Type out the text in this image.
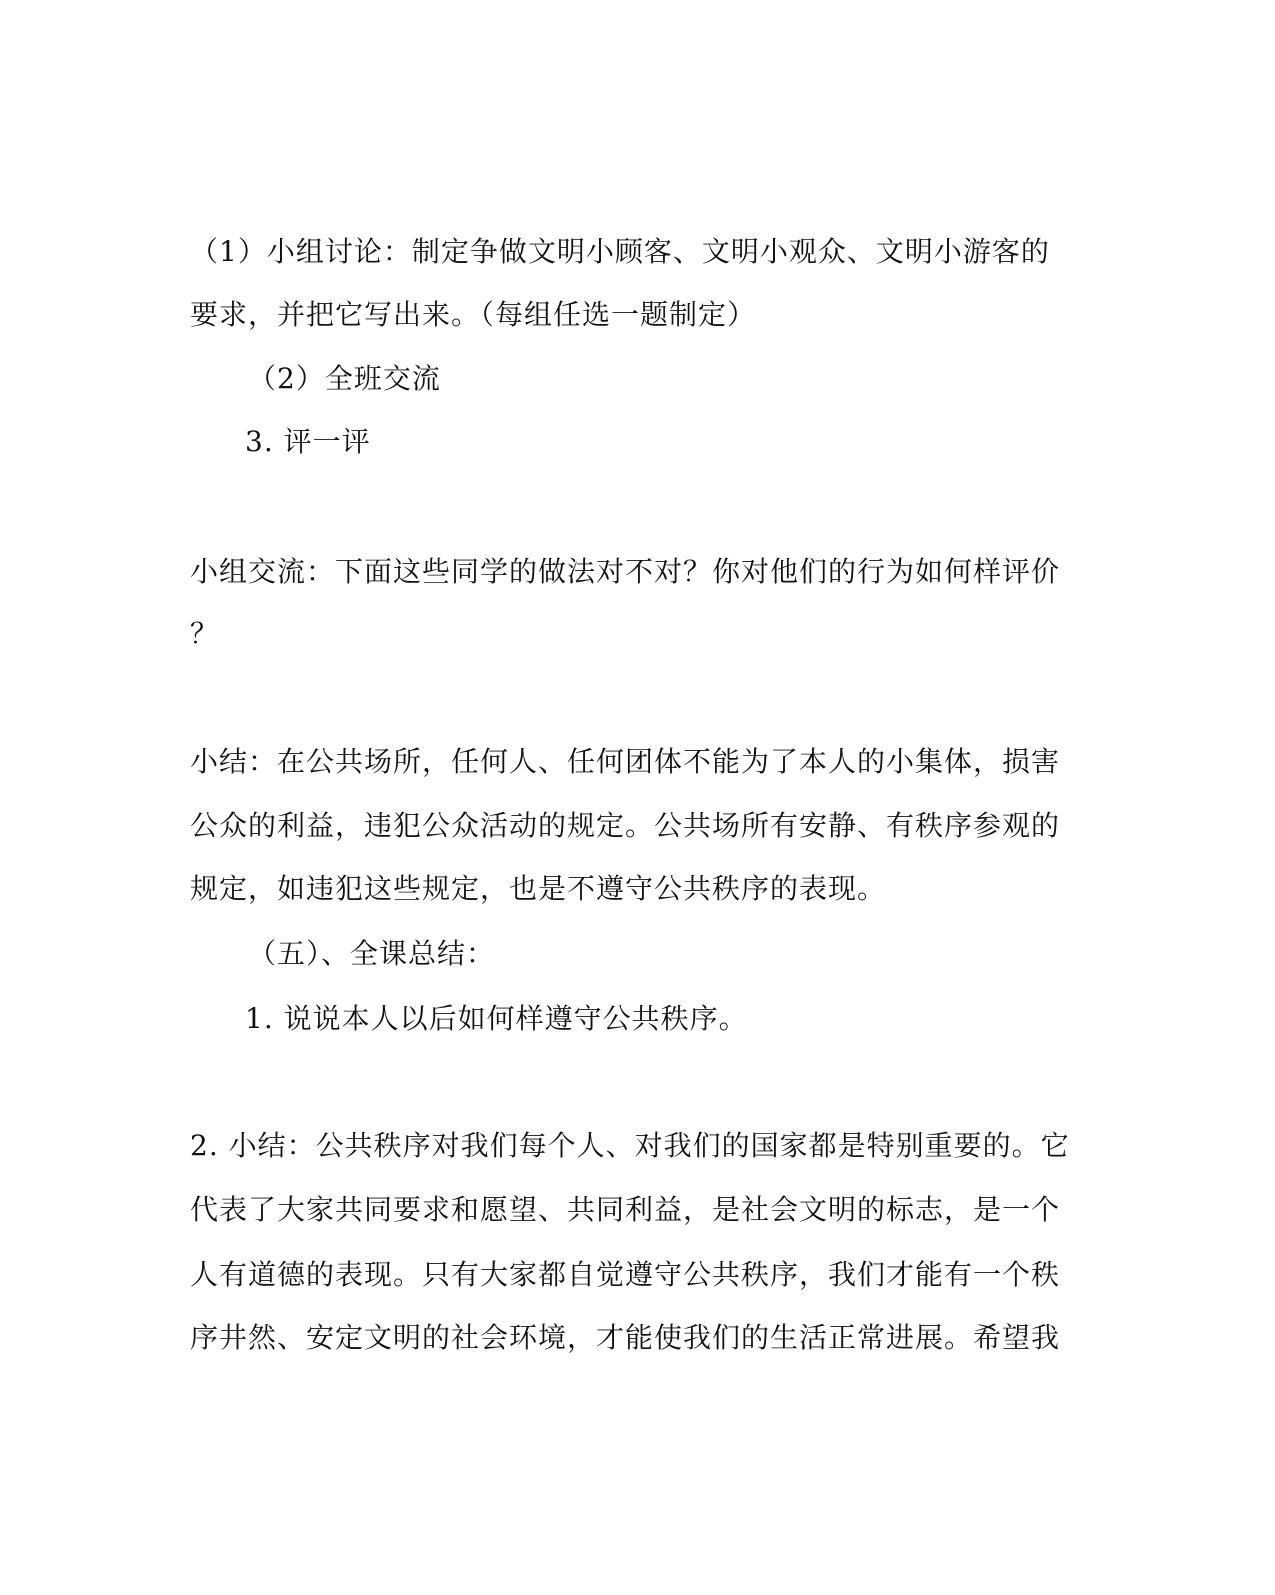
（1）小组讨论：制定争做文明小顾客、文明小观众、文明小游客的
要求，并把它写出来。（每组任选一题制定）
（2）全班交流
3. 评一评
小组交流：下面这些同学的做法对不对？你对他们的行为如何样评价
？
小结：在公共场所，任何人、任何团体不能为了本人的小集体，损害
公众的利益，违犯公众活动的规定。公共场所有安静、有秩序参观的
规定，如违犯这些规定，也是不遵守公共秩序的表现。
（五）、全课总结：
1. 说说本人以后如何样遵守公共秩序。
2. 小结：公共秩序对我们每个人、对我们的国家都是特别重要的。它
代表了大家共同要求和愿望、共同利益，是社会文明的标志，是一个
人有道德的表现。只有大家都自觉遵守公共秩序，我们才能有一个秩
序井然、安定文明的社会环境，才能使我们的生活正常进展。希望我
